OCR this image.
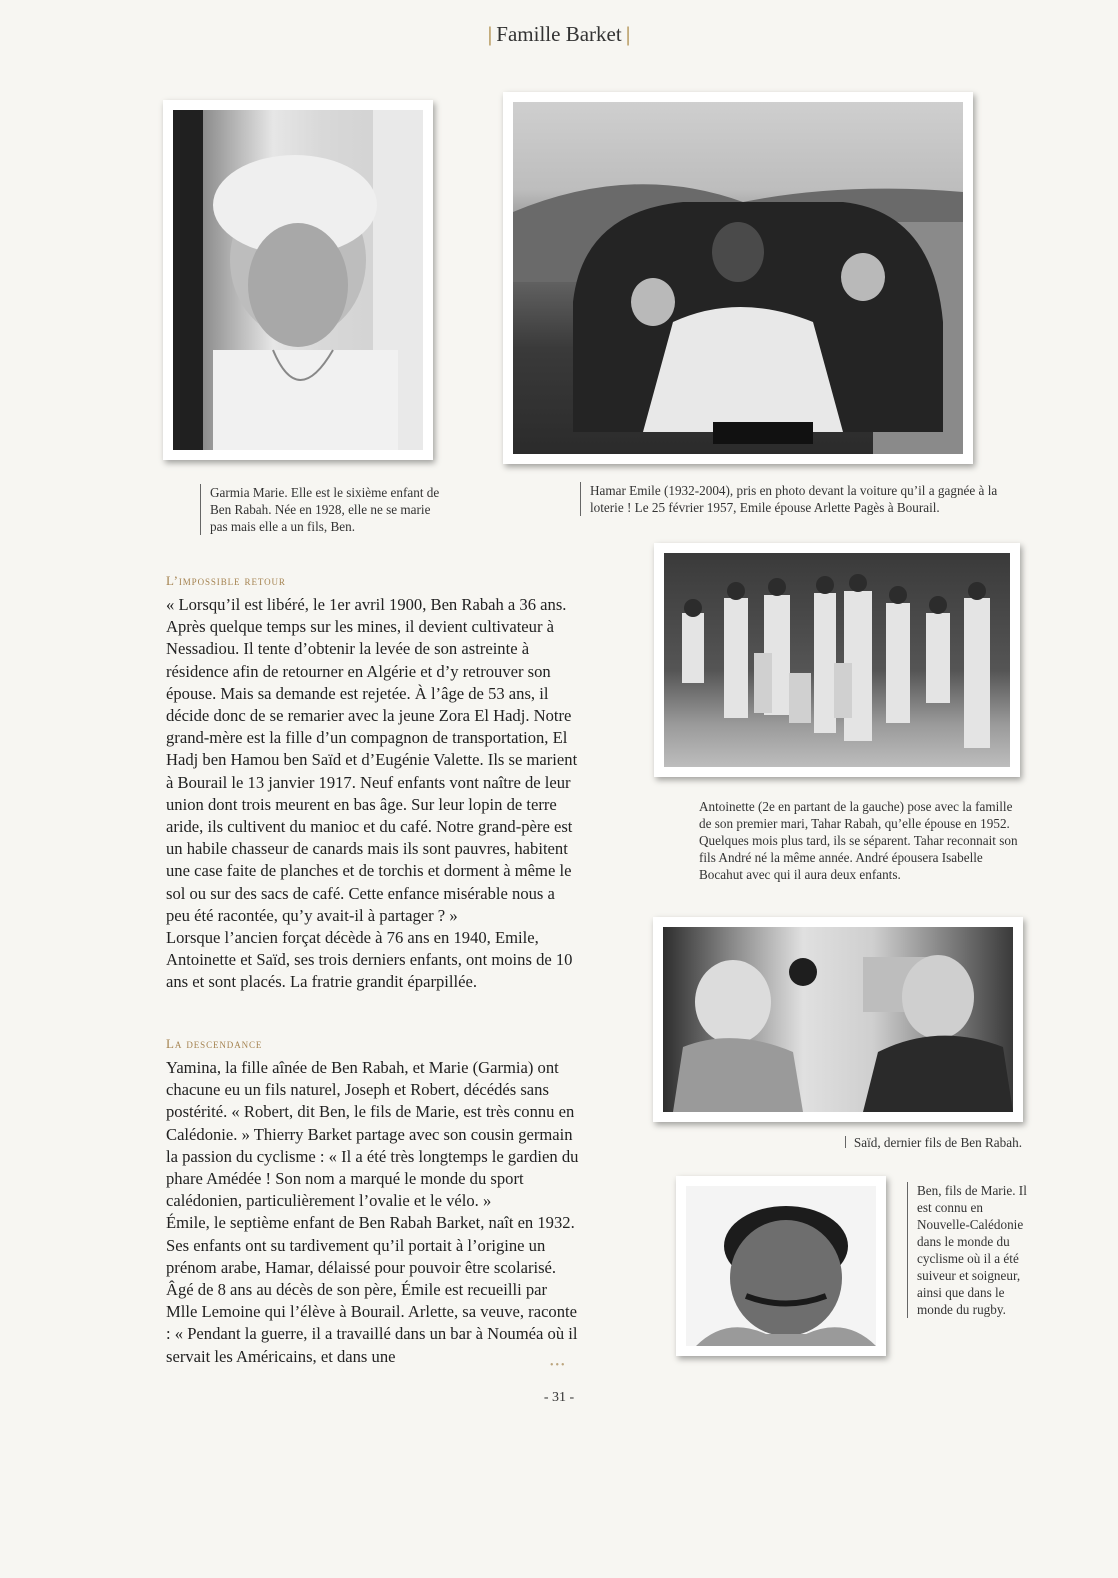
| Famille Barket |
Garmia Marie. Elle est le sixième enfant de Ben Rabah. Née en 1928, elle ne se marie pas mais elle a un fils, Ben.
Hamar Emile (1932-2004), pris en photo devant la voiture qu’il a gagnée à la loterie ! Le 25 février 1957, Emile épouse Arlette Pagès à Bourail.
L’impossible retour

« Lorsqu’il est libéré, le 1er avril 1900, Ben Rabah a 36 ans. Après quelque temps sur les mines, il devient cultivateur à Nessadiou. Il tente d’obtenir la levée de son astreinte à résidence afin de retourner en Algérie et d’y retrouver son épouse. Mais sa demande est rejetée. À l’âge de 53 ans, il décide donc de se remarier avec la jeune Zora El Hadj. Notre grand-mère est la fille d’un compagnon de transportation, El Hadj ben Hamou ben Saïd et d’Eugénie Valette. Ils se marient à Bourail le 13 janvier 1917. Neuf enfants vont naître de leur union dont trois meurent en bas âge. Sur leur lopin de terre aride, ils cultivent du manioc et du café. Notre grand-père est un habile chasseur de canards mais ils sont pauvres, habitent une case faite de planches et de torchis et dorment à même le sol ou sur des sacs de café. Cette enfance misérable nous a peu été racontée, qu’y avait-il à partager ? »

Lorsque l’ancien forçat décède à 76 ans en 1940, Emile, Antoinette et Saïd, ses trois derniers enfants, ont moins de 10 ans et sont placés. La fratrie grandit éparpillée.

La descendance

Yamina, la fille aînée de Ben Rabah, et Marie (Garmia) ont chacune eu un fils naturel, Joseph et Robert, décédés sans postérité. « Robert, dit Ben, le fils de Marie, est très connu en Calédonie. » Thierry Barket partage avec son cousin germain la passion du cyclisme : « Il a été très longtemps le gardien du phare Amédée ! Son nom a marqué le monde du sport calédonien, particulièrement l’ovalie et le vélo. »

Émile, le septième enfant de Ben Rabah Barket, naît en 1932. Ses enfants ont su tardivement qu’il portait à l’origine un prénom arabe, Hamar, délaissé pour pouvoir être scolarisé. Âgé de 8 ans au décès de son père, Émile est recueilli par Mlle Lemoine qui l’élève à Bourail. Arlette, sa veuve, raconte : « Pendant la guerre, il a travaillé dans un bar à Nouméa où il servait les Américains, et dans une	•••
Antoinette (2e en partant de la gauche) pose avec la famille de son premier mari, Tahar Rabah, qu’elle épouse en 1952. Quelques mois plus tard, ils se séparent. Tahar reconnait son fils André né la même année. André épousera Isabelle Bocahut avec qui il aura deux enfants.
Saïd, dernier fils de Ben Rabah.
Ben, fils de Marie. Il est connu en Nouvelle-Calédonie dans le monde du cyclisme où il a été suiveur et soigneur, ainsi que dans le monde du rugby.
- 31 -
